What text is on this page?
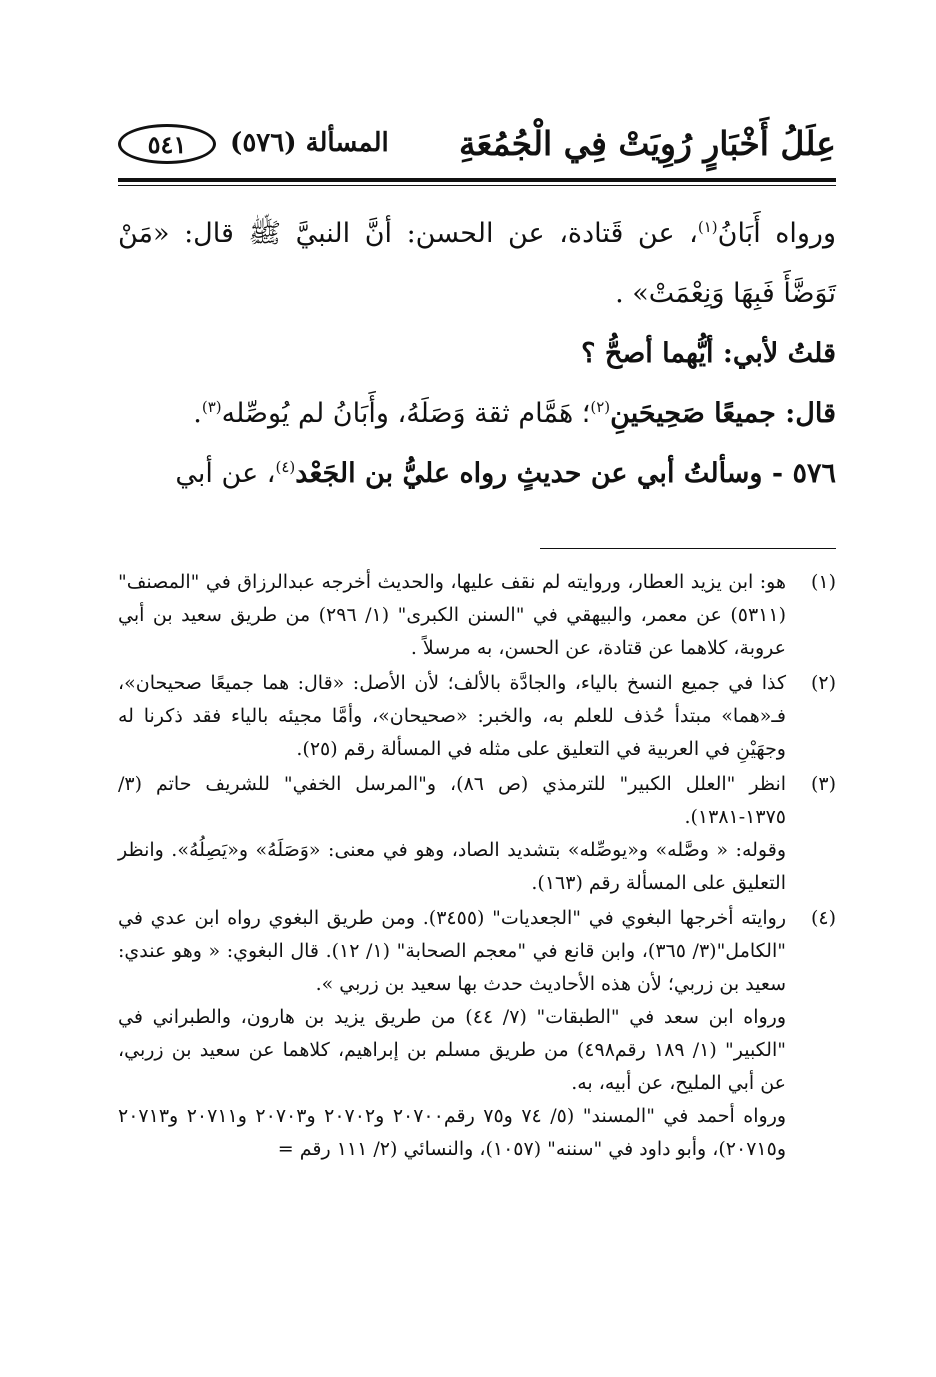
عِلَلُ أَخْبَارٍ رُوِيَتْ فِي الْجُمُعَةِ
المسألة (٥٧٦)
٥٤١

ورواه أَبَانُ$^{(١)}$، عن قَتادة، عن الحسن: أنَّ النبيَّ ﷺ قال: «مَنْ تَوَضَّأَ فَبِهَا وَنِعْمَتْ» .

قلتُ لأبي: أيُّهما أصحُّ ؟

قال: جميعًا صَحِيحَينِ$^{(٢)}$؛ هَمَّام ثقة وَصَلَهُ، وأَبَانُ لم يُوصِّله$^{(٣)}$.

٥٧٦ - وسألتُ أبي عن حديثٍ رواه عليُّ بن الجَعْد$^{(٤)}$، عن أبي

(١)

هو: ابن يزيد العطار، وروايته لم نقف عليها، والحديث أخرجه عبدالرزاق في "المصنف" (٥٣١١) عن معمر، والبيهقي في "السنن الكبرى" (١/ ٢٩٦) من طريق سعيد بن أبي عروبة، كلاهما عن قتادة، عن الحسن، به مرسلاً .

(٢)

كذا في جميع النسخ بالياء، والجادَّة بالألف؛ لأن الأصل: «قال: هما جميعًا صحيحان»، فـ«هما» مبتدأ حُذف للعلم به، والخبر: «صحيحان»، وأمَّا مجيئه بالياء فقد ذكرنا له وجهَيْنِ في العربية في التعليق على مثله في المسألة رقم (٢٥).

(٣)

انظر "العلل الكبير" للترمذي (ص ٨٦)، و"المرسل الخفي" للشريف حاتم (٣/ ١٣٧٥-١٣٨١).

وقوله: « وصَّله» و«يوصِّله» بتشديد الصاد، وهو في معنى: «وَصَلَهُ» و«يَصِلُهُ». وانظر التعليق على المسألة رقم (١٦٣).

(٤)

روايته أخرجها البغوي في "الجعديات" (٣٤٥٥). ومن طريق البغوي رواه ابن عدي في "الكامل"(٣/ ٣٦٥)، وابن قانع في "معجم الصحابة" (١/ ١٢). قال البغوي: « وهو عندي: سعيد بن زربي؛ لأن هذه الأحاديث حدث بها سعيد بن زربي ».

ورواه ابن سعد في "الطبقات" (٧/ ٤٤) من طريق يزيد بن هارون، والطبراني في "الكبير" (١/ ١٨٩ رقم٤٩٨) من طريق مسلم بن إبراهيم، كلاهما عن سعيد بن زربي، عن أبي المليح، عن أبيه، به.

ورواه أحمد في "المسند" (٥/ ٧٤ و٧٥ رقم٢٠٧٠٠ و٢٠٧٠٢ و٢٠٧٠٣ و٢٠٧١١ و٢٠٧١٣ و٢٠٧١٥)، وأبو داود في "سننه" (١٠٥٧)، والنسائي (٢/ ١١١ رقم =
